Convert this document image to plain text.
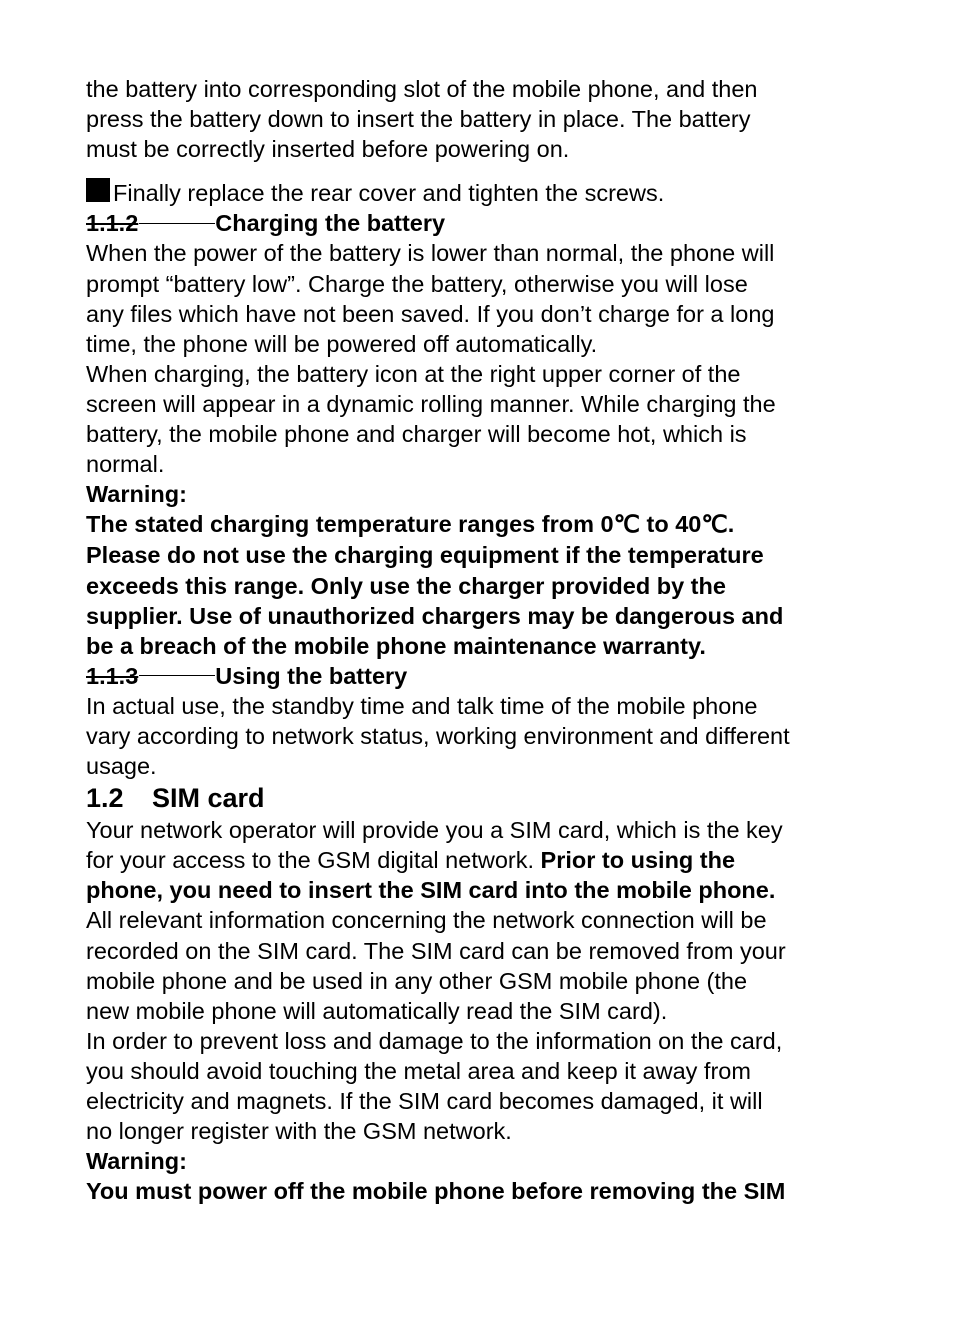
the battery into corresponding slot of the mobile phone, and then

press the battery down to insert the battery in place. The battery

must be correctly inserted before powering on.

Finally replace the rear cover and tighten the screws.
1.1.2	Charging the battery

When the power of the battery is lower than normal, the phone will

prompt “battery low”. Charge the battery, otherwise you will lose

any files which have not been saved. If you don’t charge for a long

time, the phone will be powered off automatically.

When charging, the battery icon at the right upper corner of the

screen will appear in a dynamic rolling manner. While charging the

battery, the mobile phone and charger will become hot, which is

normal.

Warning:

The stated charging temperature ranges from 0℃ to 40℃.

Please do not use the charging equipment if the temperature

exceeds this range. Only use the charger provided by the

supplier. Use of unauthorized chargers may be dangerous and

be a breach of the mobile phone maintenance warranty.

1.1.3	Using the battery

In actual use, the standby time and talk time of the mobile phone

vary according to network status, working environment and different

usage.

1.2 SIM card

Your network operator will provide you a SIM card, which is the key

for your access to the GSM digital network. Prior to using the

phone, you need to insert the SIM card into the mobile phone.

All relevant information concerning the network connection will be

recorded on the SIM card. The SIM card can be removed from your

mobile phone and be used in any other GSM mobile phone (the

new mobile phone will automatically read the SIM card).

In order to prevent loss and damage to the information on the card,

you should avoid touching the metal area and keep it away from

electricity and magnets. If the SIM card becomes damaged, it will

no longer register with the GSM network.

Warning:

You must power off the mobile phone before removing the SIM
